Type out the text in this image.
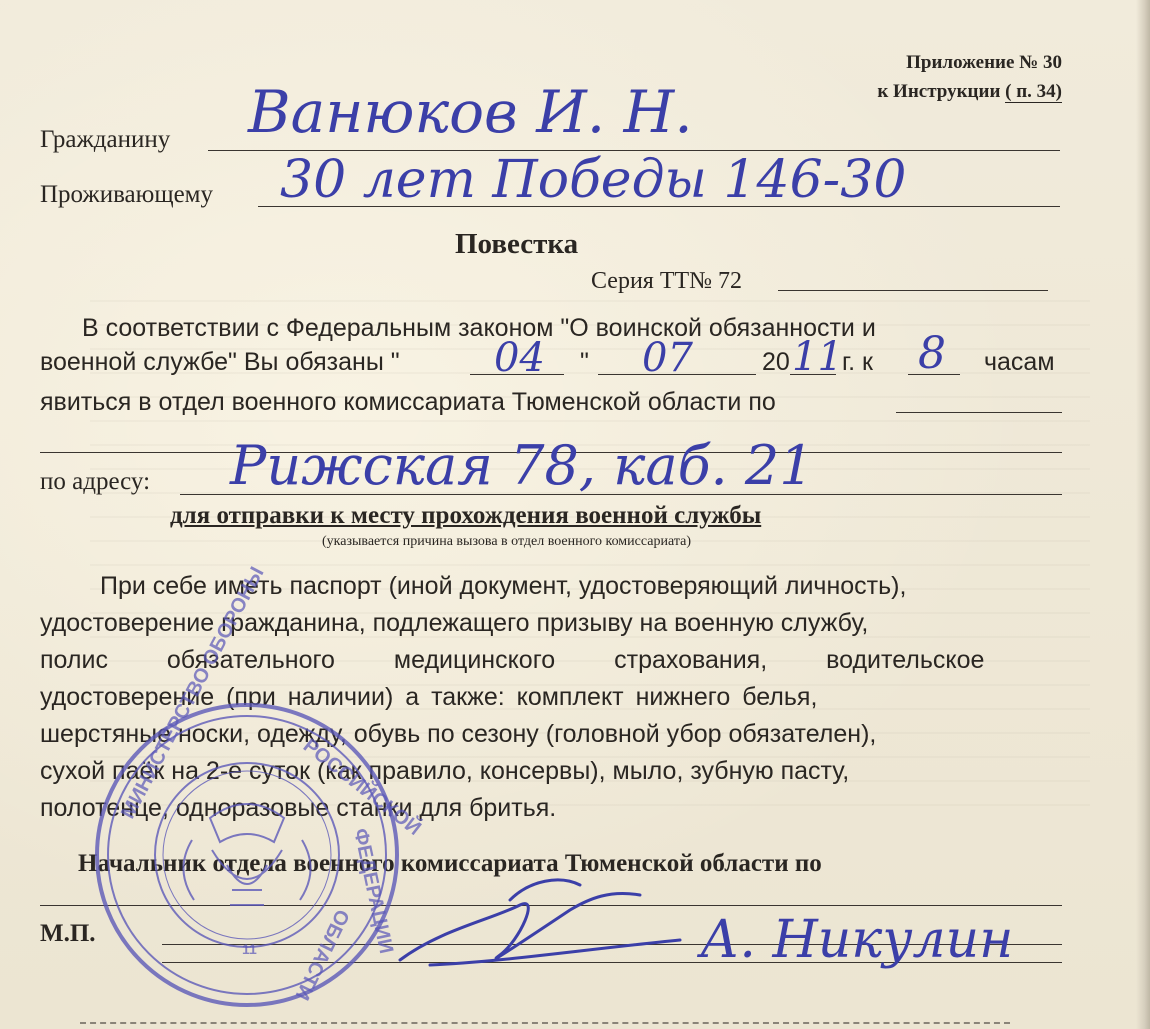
Приложение № 30
к Инструкции ( п. 34)
Гражданину Ванюков И. Н.
Проживающему 30 лет Победы 146-30
Повестка
Серия ТТ№ 72
В соответствии с Федеральным законом "О воинской обязанности и
военной службе" Вы обязаны " 04 " 07	20 11 г. к 8 часам
явиться в отдел военного комиссариата Тюменской области по
по адресу: Рижская 78, каб. 21
для отправки к месту прохождения военной службы
(указывается причина вызова в отдел военного комиссариата)
При себе иметь паспорт (иной документ, удостоверяющий личность),
удостоверение гражданина, подлежащего призыву на военную службу,
полис обязательного медицинского страхования, водительское
удостоверение (при наличии) а также: комплект нижнего белья,
шерстяные носки, одежду, обувь по сезону (головной убор обязателен),
сухой паёк на 2-е суток (как правило, консервы), мыло, зубную пасту,
полотенце, одноразовые станки для бритья.
Начальник отдела военного комиссариата Тюменской области по
М.П.
МИНИСТЕРСТВО ОБОРОНЫ РОССИЙСКОЙ
ФЕДЕРАЦИИ
ОБЛАСТИ
11	А. Никулин
